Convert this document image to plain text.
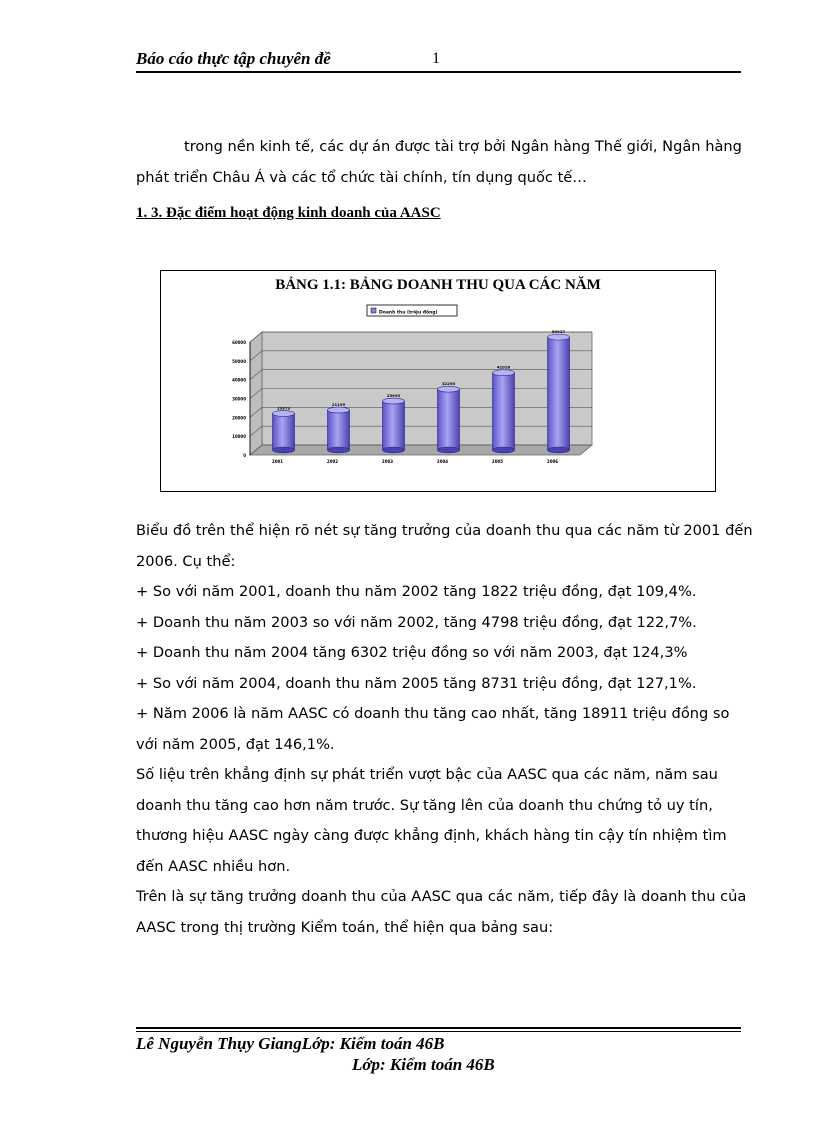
Báo cáo thực tập chuyên đề	1
trong nền kinh tế, các dự án được tài trợ bởi Ngân hàng Thế giới, Ngân hàng
phát triển Châu Á và các tổ chức tài chính, tín dụng quốc tế…
1. 3. Đặc điểm hoạt động kinh doanh của AASC
BẢNG 1.1: BẢNG DOANH THU QUA CÁC NĂM
Doanh thu (triệu đồng)
0
10000
20000
30000
40000
50000
60000
2001	2002	2003	2004	2005	2006
19373
21195
25993
32295
41026
59937
Biểu đồ trên thể hiện rõ nét sự tăng trưởng của doanh thu qua các năm từ 2001 đến
2006. Cụ thể:
+ So với năm 2001, doanh thu năm 2002 tăng 1822 triệu đồng, đạt 109,4%.
+ Doanh thu năm 2003 so với năm 2002, tăng 4798 triệu đồng, đạt 122,7%.
+ Doanh thu năm 2004 tăng 6302 triệu đồng so với năm 2003, đạt 124,3%
+ So với năm 2004, doanh thu năm 2005 tăng 8731 triệu đồng, đạt 127,1%.
+ Năm 2006 là năm AASC có doanh thu tăng cao nhất, tăng 18911 triệu đồng so
với năm 2005, đạt 146,1%.
Số liệu trên khẳng định sự phát triển vượt bậc của AASC qua các năm, năm sau
doanh thu tăng cao hơn năm trước. Sự tăng lên của doanh thu chứng tỏ uy tín,
thương hiệu AASC ngày càng được khẳng định, khách hàng tin cậy tín nhiệm tìm
đến AASC nhiều hơn.
Trên là sự tăng trưởng doanh thu của AASC qua các năm, tiếp đây là doanh thu của
AASC trong thị trường Kiểm toán, thể hiện qua bảng sau:
Lê Nguyễn Thụy GiangLớp: Kiểm toán 46B
Lớp: Kiểm toán 46B
